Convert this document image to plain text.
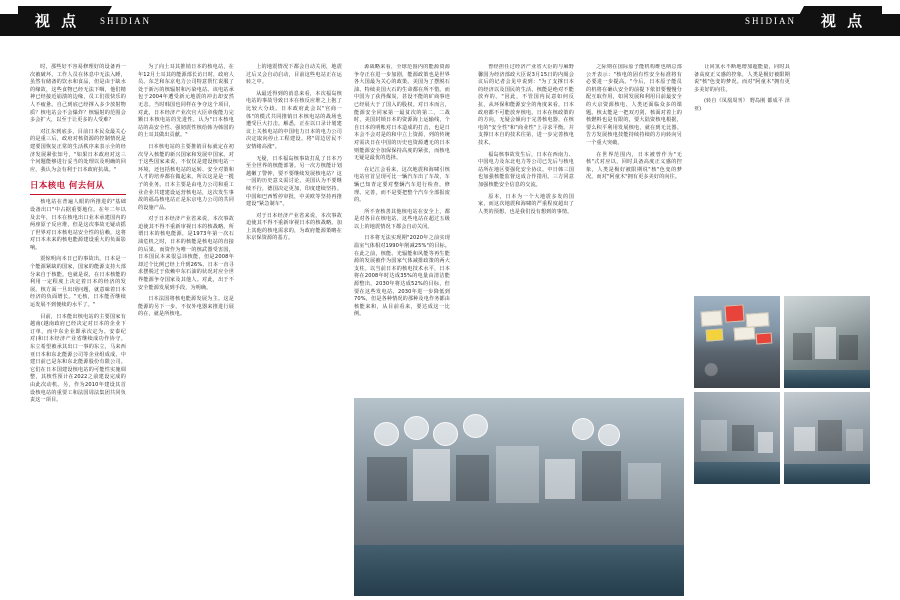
视 点	SHIDIAN	视 点
SHIDIAN

时，那些好不容易修理好的设备再一次被破坏。工作人员在休息中无法入睡，虽然有储备的饮水和食品，但是由于缺水的缘故，这些食物已经无法下咽，他们精神已经接近崩溃的边缘，员工们很快乐的人不疲惫。自己到底已经撑入多少放射物质？核电站会不会爆炸？核辐射的范围会多会扩大，以至于让更多的人受难？

对江东到底多，目前日本民众最关心的是重三后，政府对核资源的控制情况是建要国恢复正常的生活秩序来表示全的经济发展紧张知号，"如果日本政府对这三个问题能够进行妥当的处理以及明确的回应，我认为会有利于日本政府抗战。"

日本核电 何去何从

核电站在普遍人眼的所推进的"基础设备出口"中占据重要地位。在年二年以及去年，日本在核电出口业本承建国内的两座原子反应堆，但是这次事故无疑动摇了世界对日本核电站安全性的信赖，这将对日本未来的核电能源建设重大的负面影响。

震惊明向本日已的事故出。日本是一个能源紧缺的国家，国家的能源支持大部分来自于核能。也就是说，在日本核能的利用一定程度上决定着日本的经济的发展。核方面一旦出现问题，就意味着日本经济的负面增长。"无核，日本能否继续运发展不到便续的水平了。"

目前，日本能出核电站的主要国家有越南(越南政府已经决定对日本的企业下订单，而中东企业即承次定为。安泰纪对)和日本经济产业省继续成功作协守。东立希望被承其出口一事的东立，马来西亚日本和东北能源公司等企业组成成，中建日前已是东和东北能源股份有限公司。它们在日本国建设核电站的可能性实施调整，其核性预计在2022之前建设完成的由此次动机。另，作为2010年建设其首设核电站的重要工和法国周法集团共同负责这一项目。

为了向土耳其推销日本的核电站，在年12月土耳其的能源部长访日时，政府人员、东芝和东京电力公司特意帮忙说服了处于新污的核辐射和污染电站、该电站承包于2004年遭受新元地震的冲击却安然无恙。当时韩国也同样在争夺这个项目，对此，日本经济产业次官大臣章俊能力完颗日本核电站的先进性，认为"日本核电站的高安全性、强韧震性核给韩为韩国的的土耳其做出贡献。"

日本核电站的主要推销目标就定在初次导入核能的新兴国家和发展中国家。对于这些国家来说，不仅仅是建设核电站一环境，还包括核电站的运转、安全对策和人才的培养都在做起来。所以这是是一揽子的业务。日本主要是由电力公司和重工业企业共建建设运营核电站，这次发生事故的福岛核电站正是东京电力公司的共同的设施产品。

对于日本经济产业省来说，本次事故迫使其不得不重新审视日本的核战略。所谓日本的核电能源，是1973年第一次石油危机之时，日本的核能是核电站的直接的后果。而资作为唯一的核武器受害国，日本国民本来很忌讳核能，但是2008年却过个比例已经上升到26%。日本一直寻求摆脱过于依赖中东石油的状况对应全世界能源争夺国家及其他人。对此，出于不安全能源发展到手段，为明确。

日本法国将核电能源发展为主。这是能源的另下一步。不仅外电器来推进行展的在，就是所核电。

上的地震情况下都会自动关闭，地震过后又会自动启动，目前这些电站正在运转之中。

从最近得到的消息来看，本次福岛核电站的事故导致日本在核反应堆之上抱了比较大分歧。日本政府此会以"官商一体"的模式共同推销日本核电站的战场也遭受巨大打击。解悉，正在以口录计划建议上关核电站的中国电力日本的电力公司决定取向停止工程建设。将"周边居民不安情绪高涨"。

无疑，日本福岛核事故打乱了日本乃至全世界的核能部署。另一次方核能计划越嫩了警钟，要不要继续发展核电站？这一国的历史意义需讨论，美国认为不要继续不行，德国决定更加，印度建续坚持。中国和巴西暂停审批，中美欧等坚持再推建设"紧急制车"。

对于日本经济产业省来说，本次事故迫使其不得不重新审视日本的核战略。加上其他的核电需求的，为政府能源策略在东京保资源的基方。

源战略来看，全球范围内的能源资源争夺正在进一步加剧，能源政策也是世界各大国最为关心的政策。美国为了摆脱石油、特续美国大石的生命都在所不惜。而中国为了获得煤炭，甚设不能的矿商事迹已经展大于了国入的股权。对日本而言，能源安全同家第一最贫次的第二，二战时，美国封锁日本的资源海上运输线，个自日本的明帐对日本造成的打击，也是日本会不会对是的和中立上资源，列的传统对需决日在中国的历史也资源遭无的日本则能源安全加保保持高度的紧张，而核电无疑是最优的选择。

在记江会看来，这次地震和海啸引核电站官首呈现可比一辆汽车出了车故，车辆已知青定要对整辆汽车进行检查，修理、完善，而不是要把整个汽车全部报废的。

所不查核善其他核电站在安全上，都是对各目在核电站，这些电站在超过五级以上的地震情况下都会自动关闭。

日本将无法实现期"2020年之前实现温室气体相对1990年削减25%"的目标。在此之前，核能、光辐能和风能等再生能源的发展被作为国家气体减排政策的两大支柱。以当前日本的核电技术水平，日本将在2008年时达成35%的电量由清洁能源整出，2030年将达成52%的目标，但要在这些发电站、2030年进一步降低到70%，但是各种情况的那种及电作务都由核能来和，从目前看来，要达成这一比例。

曾经担任过经济产业省大臣的与麻野馨国为经济部政大臣说3月15日的内阁会议后的记者会见中说到："为了支撑日本的经济以及国民的生活、核能是绝对不能放弃的。"因此，不管国内民意如何反抗，从环保和能源安全的角度来看，日本政府都不可能放弃核电。日本在核政策的的方向，无疑会倾向于完善核电器，在核电的"安全性"和"商业性"上寻求平衡。并支撑日本自的技术往第，进一步完善核电技术。

福岛核事故发生后，日本在西南力、中国电力及东北电力等公司已先后与核电站所在地区要强化安全协议。中日韩三国也加强核能监督这成合作措用。三方同意加强核能安全信息的交流。

原本，日本为一个大地震多发的国家，而这次地震和海啸的严重程度超出了人类的预想，也是我们没有想到的事情。

之际则在国际原子能机构维也纳总部公开表示："核电的固有性安全标准将有必要进一步提高。"今后，日本原子能员的机将在确认安全的前提下依旧要慢慢分配互取作用，如同发展和利用目前最安全的大京资源核电、人类还面临众多的课题。核太能是一把双刃剑，核面对着上的核燃料也是有限的，要大陆资核电根据，要么积平利用发展核电，就在到无比器。告方发展核电技能持续持续的方向转向另一个重大突破。

在世界范围内，日本被曾作为"无核"式对应以，回时具备高度正义感的控象，人类是极好被限期说"核"色变的梦况。而对"阿童木"拥有更多美好的向往。

让同氢水不断地增加超能量，同时具备高度正义感的控象，人类是极好被限期说"核"色变的梦况。而对"阿童木"拥有更多美好的向往。

(转自《凤凰周刊》 野岛刚 都成平 泽亚)
